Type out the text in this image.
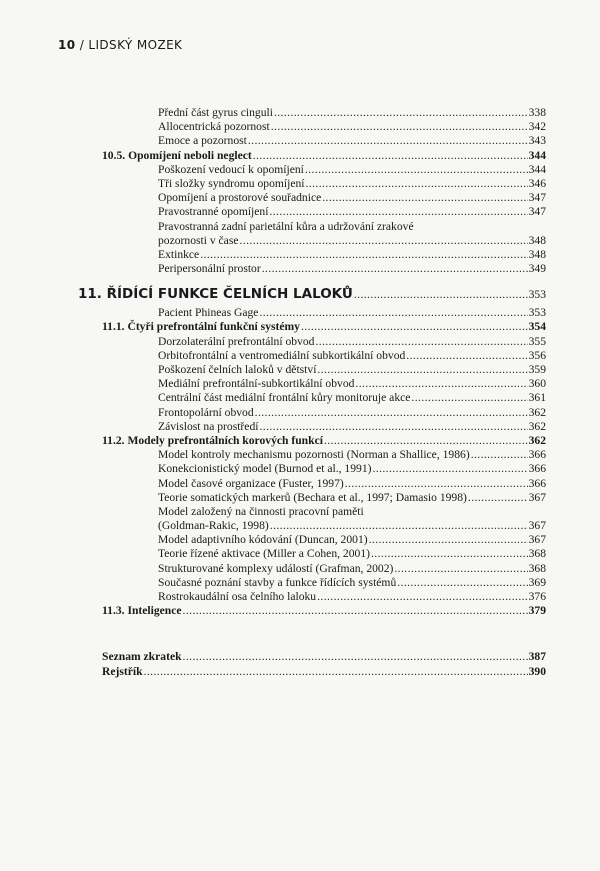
10 / LIDSKÝ MOZEK
Přední část gyrus cinguli .....	338
Allocentrická pozornost .....	342
Emoce a pozornost .....	343
10.5. Opomíjení neboli neglect .....	344
Poškození vedoucí k opomíjení .....	344
Tři složky syndromu opomíjení .....	346
Opomíjení a prostorové souřadnice .....	347
Pravostranné opomíjení .....	347
Pravostranná zadní parietální kůra a udržování zrakové
pozornosti v čase .....	348
Extinkce .....	348
Peripersonální prostor .....	349
11. ŘÍDÍCÍ FUNKCE ČELNÍCH LALOKŮ .....	353
Pacient Phineas Gage .....	353
11.1. Čtyři prefrontální funkční systémy .....	354
Dorzolaterální prefrontální obvod .....	355
Orbitofrontální a ventromediální subkortikální obvod .....	356
Poškození čelních laloků v dětství .....	359
Mediální prefrontální-subkortikální obvod .....	360
Centrální část mediální frontální kůry monitoruje akce .....	361
Frontopolární obvod .....	362
Závislost na prostředí .....	362
11.2. Modely prefrontálních korových funkcí .....	362
Model kontroly mechanismu pozornosti (Norman a Shallice, 1986) .....	366
Konekcionistický model (Burnod et al., 1991) .....	366
Model časové organizace (Fuster, 1997) .....	366
Teorie somatických markerů (Bechara et al., 1997; Damasio 1998) .....	367
Model založený na činnosti pracovní paměti
(Goldman-Rakic, 1998) .....	367
Model adaptivního kódování (Duncan, 2001) .....	367
Teorie řízené aktivace (Miller a Cohen, 2001) .....	368
Strukturované komplexy událostí (Grafman, 2002) .....	368
Současné poznání stavby a funkce řídících systémů .....	369
Rostrokaudální osa čelního laloku .....	376
11.3. Inteligence .....	379
Seznam zkratek .....	387
Rejstřík .....	390
